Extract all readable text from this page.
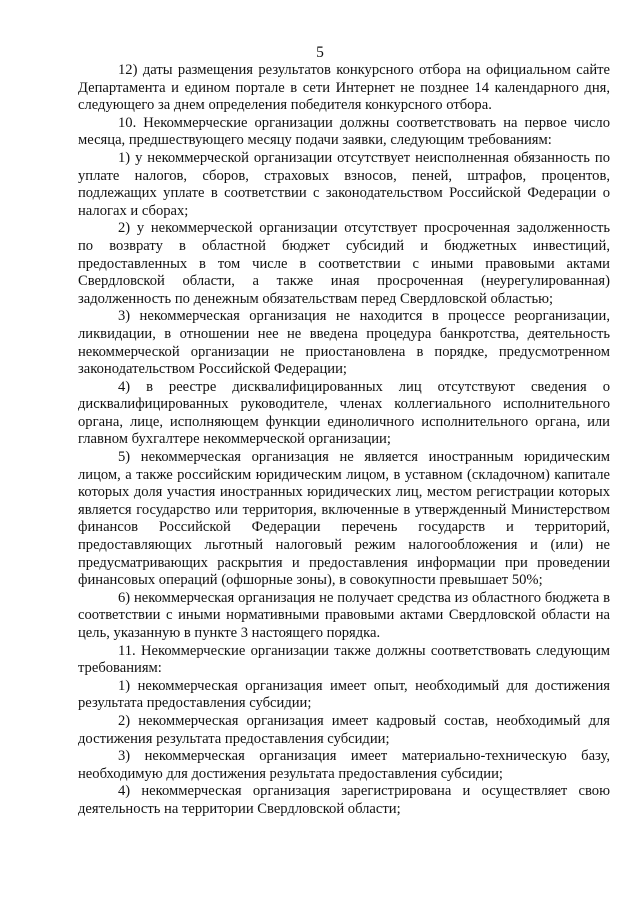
5

12) даты размещения результатов конкурсного отбора на официальном сайте Департамента и едином портале в сети Интернет не позднее 14 календарного дня, следующего за днем определения победителя конкурсного отбора.

10. Некоммерческие организации должны соответствовать на первое число месяца, предшествующего месяцу подачи заявки, следующим требованиям:

1) у некоммерческой организации отсутствует неисполненная обязанность по уплате налогов, сборов, страховых взносов, пеней, штрафов, процентов, подлежащих уплате в соответствии с законодательством Российской Федерации о налогах и сборах;

2) у некоммерческой организации отсутствует просроченная задолженность по возврату в областной бюджет субсидий и бюджетных инвестиций, предоставленных в том числе в соответствии с иными правовыми актами Свердловской области, а также иная просроченная (неурегулированная) задолженность по денежным обязательствам перед Свердловской областью;

3) некоммерческая организация не находится в процессе реорганизации, ликвидации, в отношении нее не введена процедура банкротства, деятельность некоммерческой организации не приостановлена в порядке, предусмотренном законодательством Российской Федерации;

4) в реестре дисквалифицированных лиц отсутствуют сведения о дисквалифицированных руководителе, членах коллегиального исполнительного органа, лице, исполняющем функции единоличного исполнительного органа, или главном бухгалтере некоммерческой организации;

5) некоммерческая организация не является иностранным юридическим лицом, а также российским юридическим лицом, в уставном (складочном) капитале которых доля участия иностранных юридических лиц, местом регистрации которых является государство или территория, включенные в утвержденный Министерством финансов Российской Федерации перечень государств и территорий, предоставляющих льготный налоговый режим налогообложения и (или) не предусматривающих раскрытия и предоставления информации при проведении финансовых операций (офшорные зоны), в совокупности превышает 50%;

6) некоммерческая организация не получает средства из областного бюджета в соответствии с иными нормативными правовыми актами Свердловской области на цель, указанную в пункте 3 настоящего порядка.

11. Некоммерческие организации также должны соответствовать следующим требованиям:

1) некоммерческая организация имеет опыт, необходимый для достижения результата предоставления субсидии;

2) некоммерческая организация имеет кадровый состав, необходимый для достижения результата предоставления субсидии;

3) некоммерческая организация имеет материально-техническую базу, необходимую для достижения результата предоставления субсидии;

4) некоммерческая организация зарегистрирована и осуществляет свою деятельность на территории Свердловской области;
